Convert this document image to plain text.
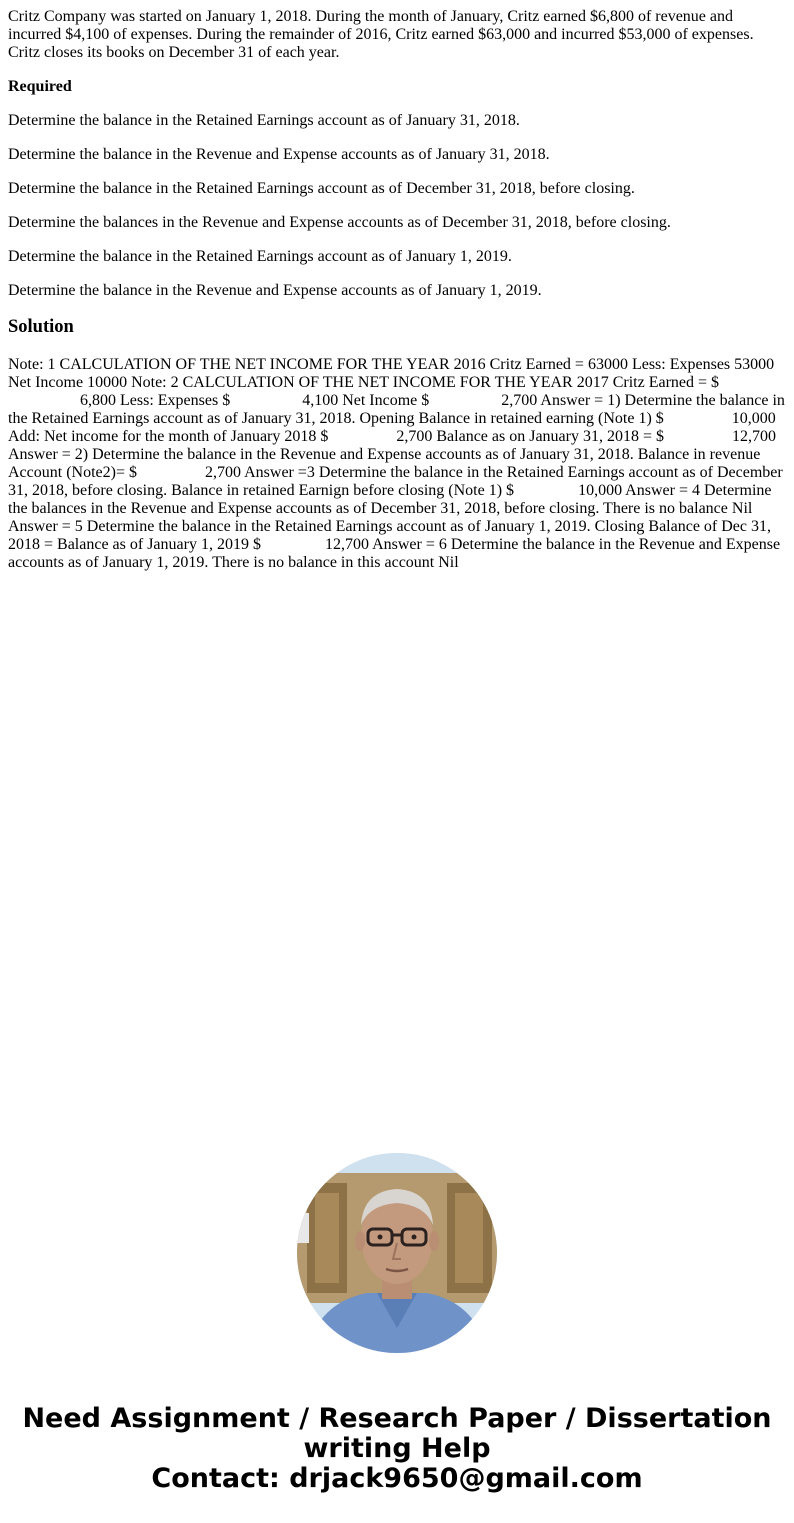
Critz Company was started on January 1, 2018. During the month of January, Critz earned $6,800 of revenue and incurred $4,100 of expenses. During the remainder of 2016, Critz earned $63,000 and incurred $53,000 of expenses. Critz closes its books on December 31 of each year.

Required

Determine the balance in the Retained Earnings account as of January 31, 2018.

Determine the balance in the Revenue and Expense accounts as of January 31, 2018.

Determine the balance in the Retained Earnings account as of December 31, 2018, before closing.

Determine the balances in the Revenue and Expense accounts as of December 31, 2018, before closing.

Determine the balance in the Retained Earnings account as of January 1, 2019.

Determine the balance in the Revenue and Expense accounts as of January 1, 2019.

Solution

Note: 1 CALCULATION OF THE NET INCOME FOR THE YEAR 2016 Critz Earned = 63000 Less: Expenses 53000 Net Income 10000 Note: 2 CALCULATION OF THE NET INCOME FOR THE YEAR 2017 Critz Earned = $                  6,800 Less: Expenses $	4,100 Net Income $	2,700 Answer = 1) Determine the balance in the Retained Earnings account as of January 31, 2018. Opening Balance in retained earning (Note 1) $	10,000 Add: Net income for the month of January 2018 $	2,700 Balance as on January 31, 2018 = $	12,700 Answer = 2) Determine the balance in the Revenue and Expense accounts as of January 31, 2018. Balance in revenue Account (Note2)= $	2,700 Answer =3 Determine the balance in the Retained Earnings account as of December 31, 2018, before closing. Balance in retained Earnign before closing (Note 1) $	10,000 Answer = 4 Determine the balances in the Revenue and Expense accounts as of December 31, 2018, before closing. There is no balance Nil Answer = 5 Determine the balance in the Retained Earnings account as of January 1, 2019. Closing Balance of Dec 31, 2018 = Balance as of January 1, 2019 $	12,700 Answer = 6 Determine the balance in the Revenue and Expense accounts as of January 1, 2019. There is no balance in this account Nil

Need Assignment / Research Paper / Dissertation
writing Help
Contact: drjack9650@gmail.com
